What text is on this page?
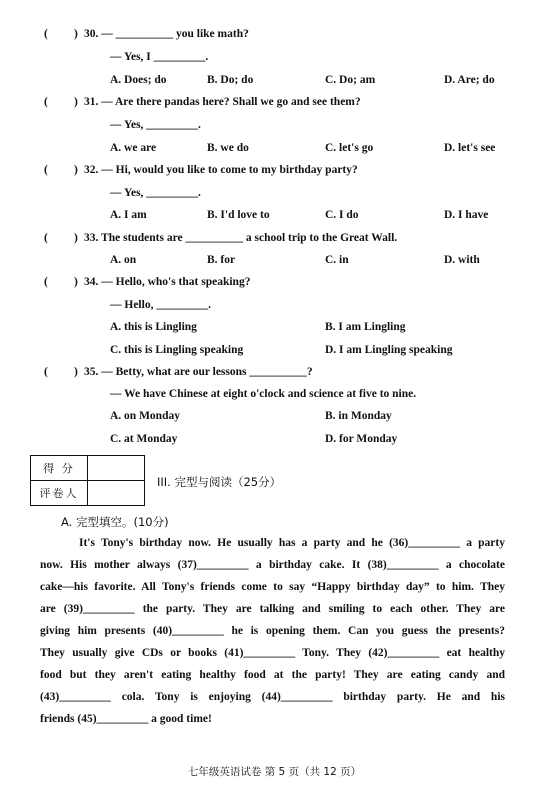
( ) 30. — __________ you like math?
— Yes, I _________.
A. Does; do	B. Do; do	C. Do; am	D. Are; do
( ) 31. — Are there pandas here? Shall we go and see them?
— Yes, _________.
A. we are	B. we do	C. let's go	D. let's see
( ) 32. — Hi, would you like to come to my birthday party?
— Yes, _________.
A. I am	B. I'd love to	C. I do	D. I have
( ) 33. The students are __________ a school trip to the Great Wall.
A. on	B. for	C. in	D. with
( ) 34. — Hello, who's that speaking?
— Hello, _________.
A. this is Lingling	B. I am Lingling
C. this is Lingling speaking	D. I am Lingling speaking
( ) 35. — Betty, what are our lessons __________?
— We have Chinese at eight o'clock and science at five to nine.
A. on Monday	B. in Monday
C. at Monday	D. for Monday
得 分	
评卷人	
III. 完型与阅读（25分）
A. 完型填空。(10分)
It's Tony's birthday now. He usually has a party and he (36)_________ a party
now. His mother always (37)_________ a birthday cake. It (38)_________ a chocolate
cake—his favorite. All Tony's friends come to say “Happy birthday day” to him. They
are (39)_________ the party. They are talking and smiling to each other. They are
giving him presents (40)_________ he is opening them. Can you guess the presents?
They usually give CDs or books (41)_________ Tony. They (42)_________ eat healthy
food but they aren't eating healthy food at the party! They are eating candy and
(43)_________ cola. Tony is enjoying (44)_________ birthday party. He and his
friends (45)_________ a good time!
七年级英语试卷 第 5 页（共 12 页）
